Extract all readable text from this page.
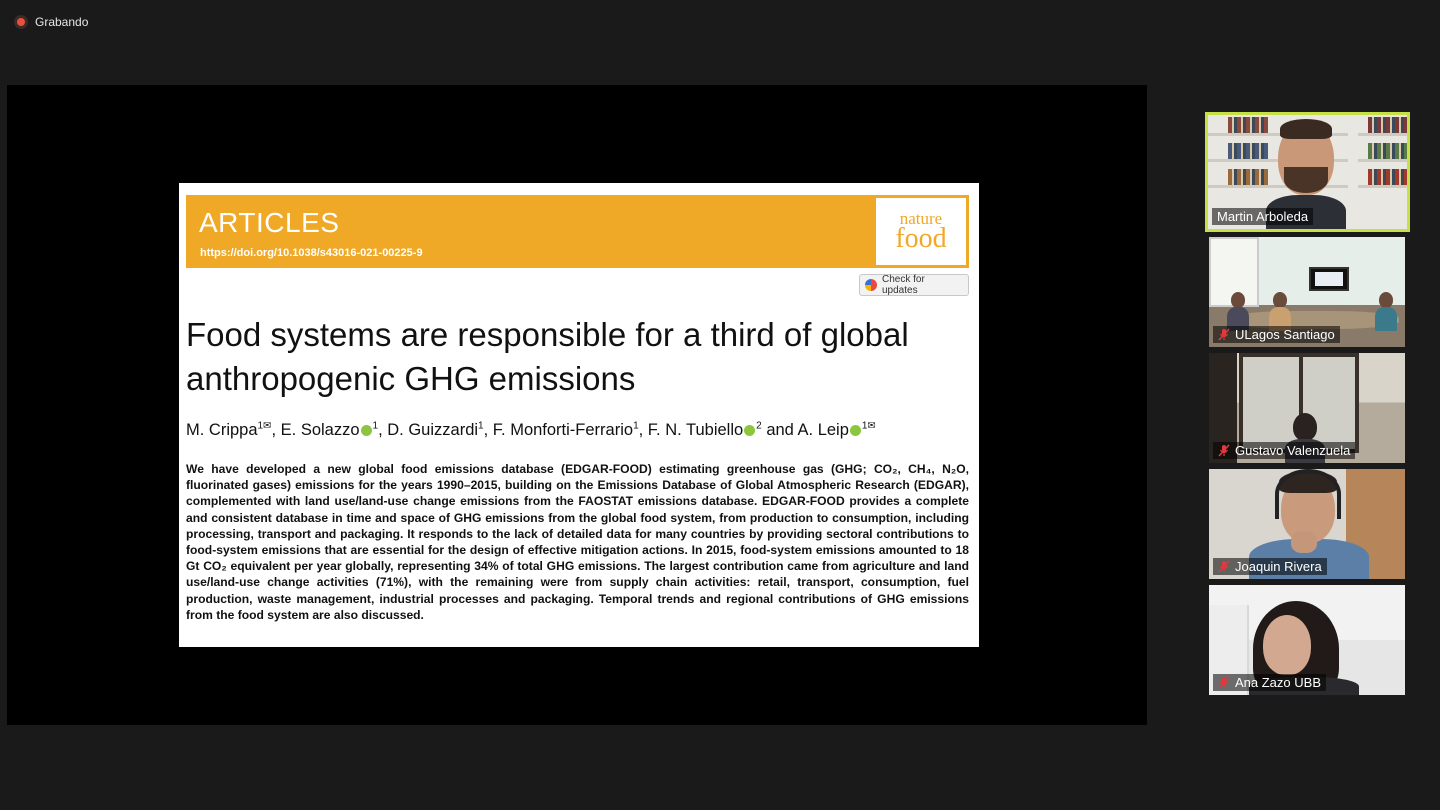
Grabando
ARTICLES
https://doi.org/10.1038/s43016-021-00225-9
nature
food
Check for updates
Food systems are responsible for a third of global
anthropogenic GHG emissions
M. Crippa$^{1✉}$, E. Solazzo $^1$, D. Guizzardi$^1$, F. Monforti-Ferrario$^1$, F. N. Tubiello $^2$ and A. Leip $^{1✉}$

We have developed a new global food emissions database (EDGAR-FOOD) estimating greenhouse gas (GHG; CO₂, CH₄, N₂O, fluorinated gases) emissions for the years 1990–2015, building on the Emissions Database of Global Atmospheric Research (EDGAR), complemented with land use/land-use change emissions from the FAOSTAT emissions database. EDGAR-FOOD provides a complete and consistent database in time and space of GHG emissions from the global food system, from production to consumption, including processing, transport and packaging. It responds to the lack of detailed data for many countries by providing sectoral contributions to food-system emissions that are essential for the design of effective mitigation actions. In 2015, food-system emissions amounted to 18 Gt CO₂ equivalent per year globally, representing 34% of total GHG emissions. The largest contribution came from agriculture and land use/land-use change activities (71%), with the remaining were from supply chain activities: retail, transport, consumption, fuel production, waste management, industrial processes and packaging. Temporal trends and regional contributions of GHG emissions from the food system are also discussed.

Martin Arboleda
ULagos Santiago
Gustavo Valenzuela
Joaquin Rivera
Ana Zazo UBB
